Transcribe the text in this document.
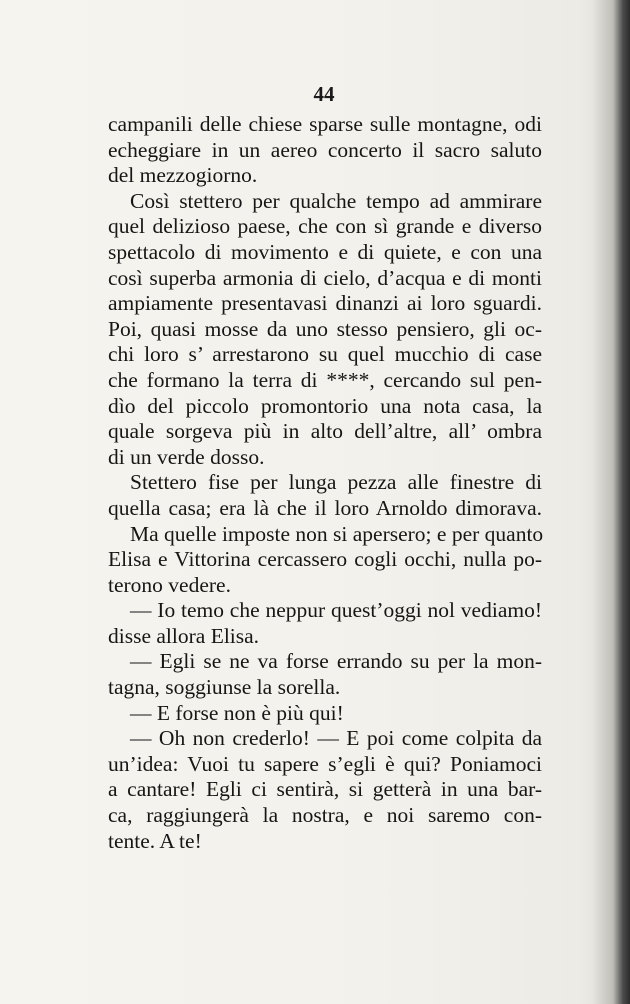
44
campanili delle chiese sparse sulle montagne, odi
echeggiare in un aereo concerto il sacro saluto
del mezzogiorno.
Così stettero per qualche tempo ad ammirare
quel delizioso paese, che con sì grande e diverso
spettacolo di movimento e di quiete, e con una
così superba armonia di cielo, d’acqua e di monti
ampiamente presentavasi dinanzi ai loro sguardi.
Poi, quasi mosse da uno stesso pensiero, gli oc-
chi loro s’ arrestarono su quel mucchio di case
che formano la terra di ****, cercando sul pen-
dìo del piccolo promontorio una nota casa, la
quale sorgeva più in alto dell’altre, all’ ombra
di un verde dosso.
Stettero fise per lunga pezza alle finestre di
quella casa; era là che il loro Arnoldo dimorava.
Ma quelle imposte non si apersero; e per quanto
Elisa e Vittorina cercassero cogli occhi, nulla po-
terono vedere.
— Io temo che neppur quest’oggi nol vediamo!
disse allora Elisa.
— Egli se ne va forse errando su per la mon-
tagna, soggiunse la sorella.
— E forse non è più qui!
— Oh non crederlo! — E poi come colpita da
un’idea: Vuoi tu sapere s’egli è qui? Poniamoci
a cantare! Egli ci sentirà, si getterà in una bar-
ca, raggiungerà la nostra, e noi saremo con-
tente. A te!
